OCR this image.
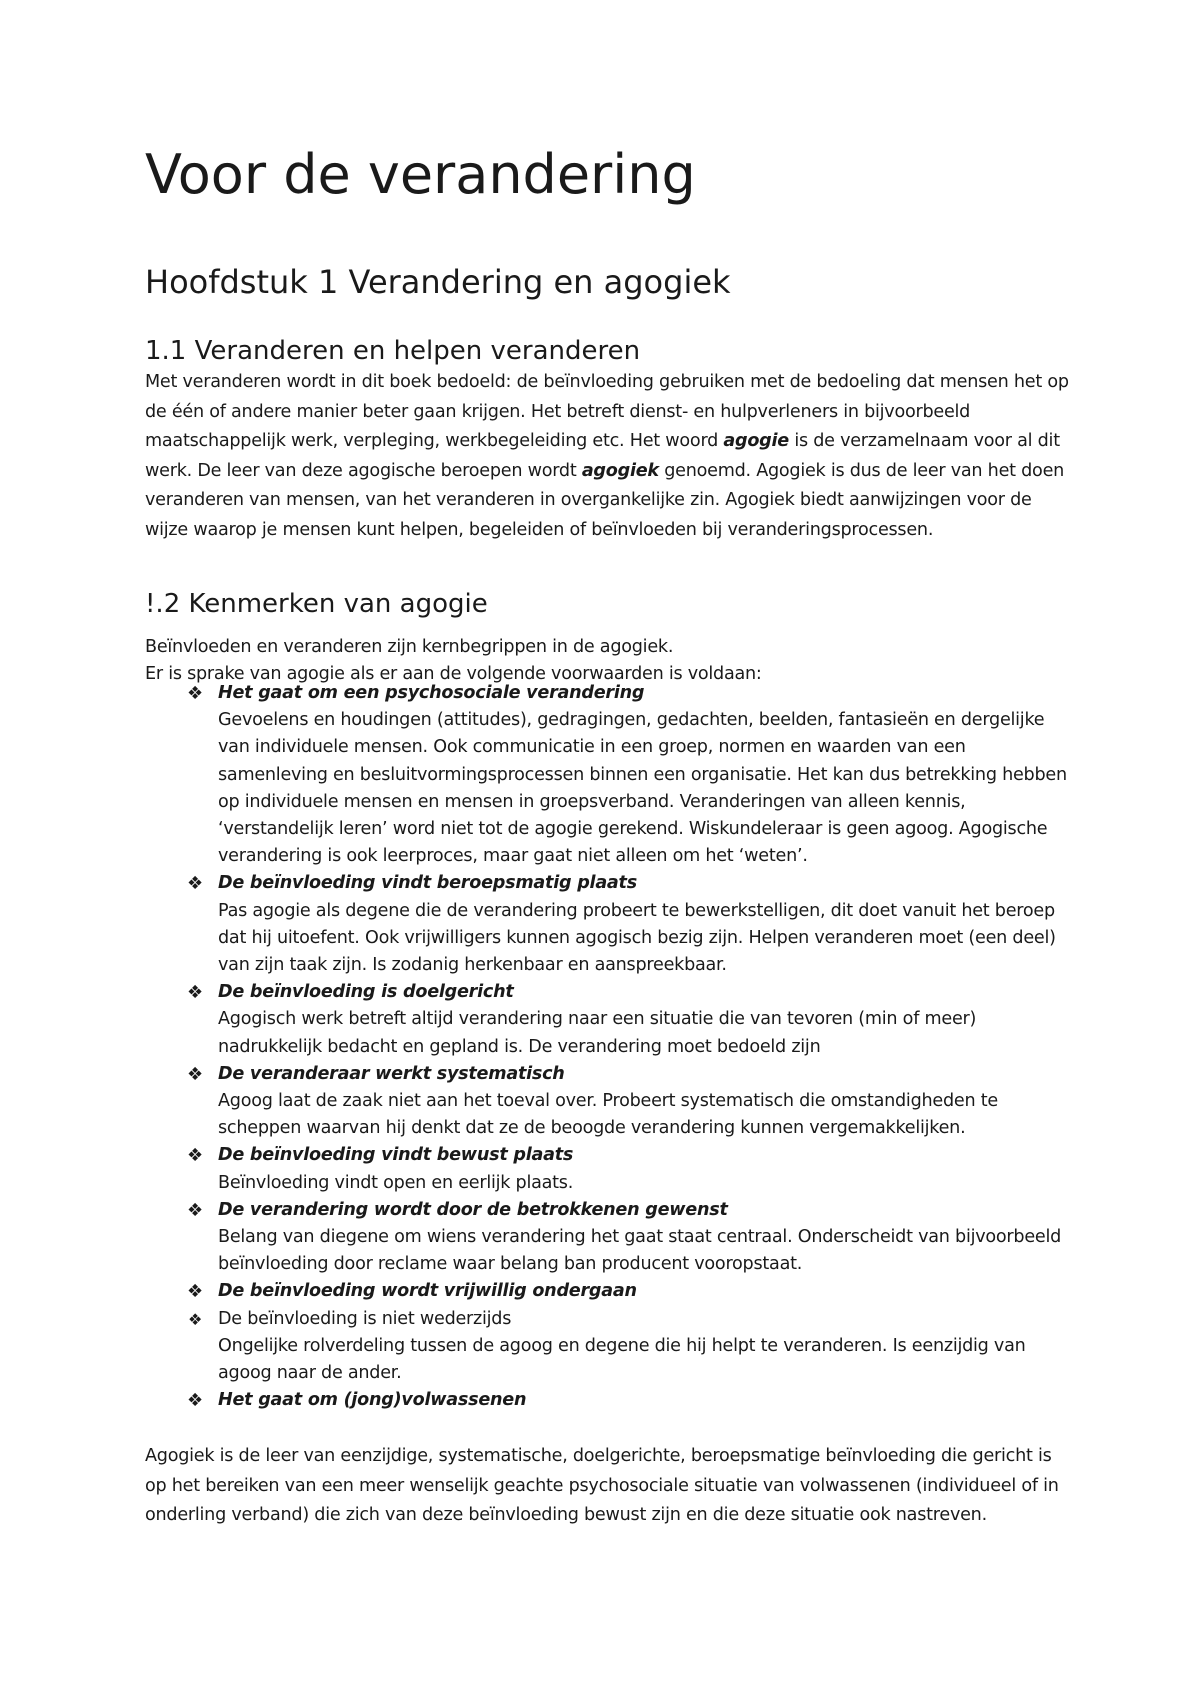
Voor de verandering
Hoofdstuk 1 Verandering en agogiek
1.1 Veranderen en helpen veranderen

Met veranderen wordt in dit boek bedoeld: de beïnvloeding gebruiken met de bedoeling dat mensen het op de één of andere manier beter gaan krijgen. Het betreft dienst- en hulpverleners in bijvoorbeeld maatschappelijk werk, verpleging, werkbegeleiding etc. Het woord agogie is de verzamelnaam voor al dit werk. De leer van deze agogische beroepen wordt agogiek genoemd. Agogiek is dus de leer van het doen veranderen van mensen, van het veranderen in overgankelijke zin. Agogiek biedt aanwijzingen voor de wijze waarop je mensen kunt helpen, begeleiden of beïnvloeden bij veranderingsprocessen.

!.2 Kenmerken van agogie

Beïnvloeden en veranderen zijn kernbegrippen in de agogiek.
Er is sprake van agogie als er aan de volgende voorwaarden is voldaan:

❖ Het gaat om een psychosociale verandering
Gevoelens en houdingen (attitudes), gedragingen, gedachten, beelden, fantasieën en dergelijke van individuele mensen. Ook communicatie in een groep, normen en waarden van een samenleving en besluitvormingsprocessen binnen een organisatie. Het kan dus betrekking hebben op individuele mensen en mensen in groepsverband. Veranderingen van alleen kennis, ‘verstandelijk leren’ word niet tot de agogie gerekend. Wiskundeleraar is geen agoog. Agogische verandering is ook leerproces, maar gaat niet alleen om het ‘weten’.
❖ De beïnvloeding vindt beroepsmatig plaats
Pas agogie als degene die de verandering probeert te bewerkstelligen, dit doet vanuit het beroep dat hij uitoefent. Ook vrijwilligers kunnen agogisch bezig zijn. Helpen veranderen moet (een deel) van zijn taak zijn. Is zodanig herkenbaar en aanspreekbaar.
❖ De beïnvloeding is doelgericht
Agogisch werk betreft altijd verandering naar een situatie die van tevoren (min of meer) nadrukkelijk bedacht en gepland is. De verandering moet bedoeld zijn
❖ De veranderaar werkt systematisch
Agoog laat de zaak niet aan het toeval over. Probeert systematisch die omstandigheden te scheppen waarvan hij denkt dat ze de beoogde verandering kunnen vergemakkelijken.
❖ De beïnvloeding vindt bewust plaats
Beïnvloeding vindt open en eerlijk plaats.
❖ De verandering wordt door de betrokkenen gewenst
Belang van diegene om wiens verandering het gaat staat centraal. Onderscheidt van bijvoorbeeld beïnvloeding door reclame waar belang ban producent vooropstaat.
❖ De beïnvloeding wordt vrijwillig ondergaan
❖ De beïnvloeding is niet wederzijds
Ongelijke rolverdeling tussen de agoog en degene die hij helpt te veranderen. Is eenzijdig van agoog naar de ander.
❖ Het gaat om (jong)volwassenen

Agogiek is de leer van eenzijdige, systematische, doelgerichte, beroepsmatige beïnvloeding die gericht is op het bereiken van een meer wenselijk geachte psychosociale situatie van volwassenen (individueel of in onderling verband) die zich van deze beïnvloeding bewust zijn en die deze situatie ook nastreven.
